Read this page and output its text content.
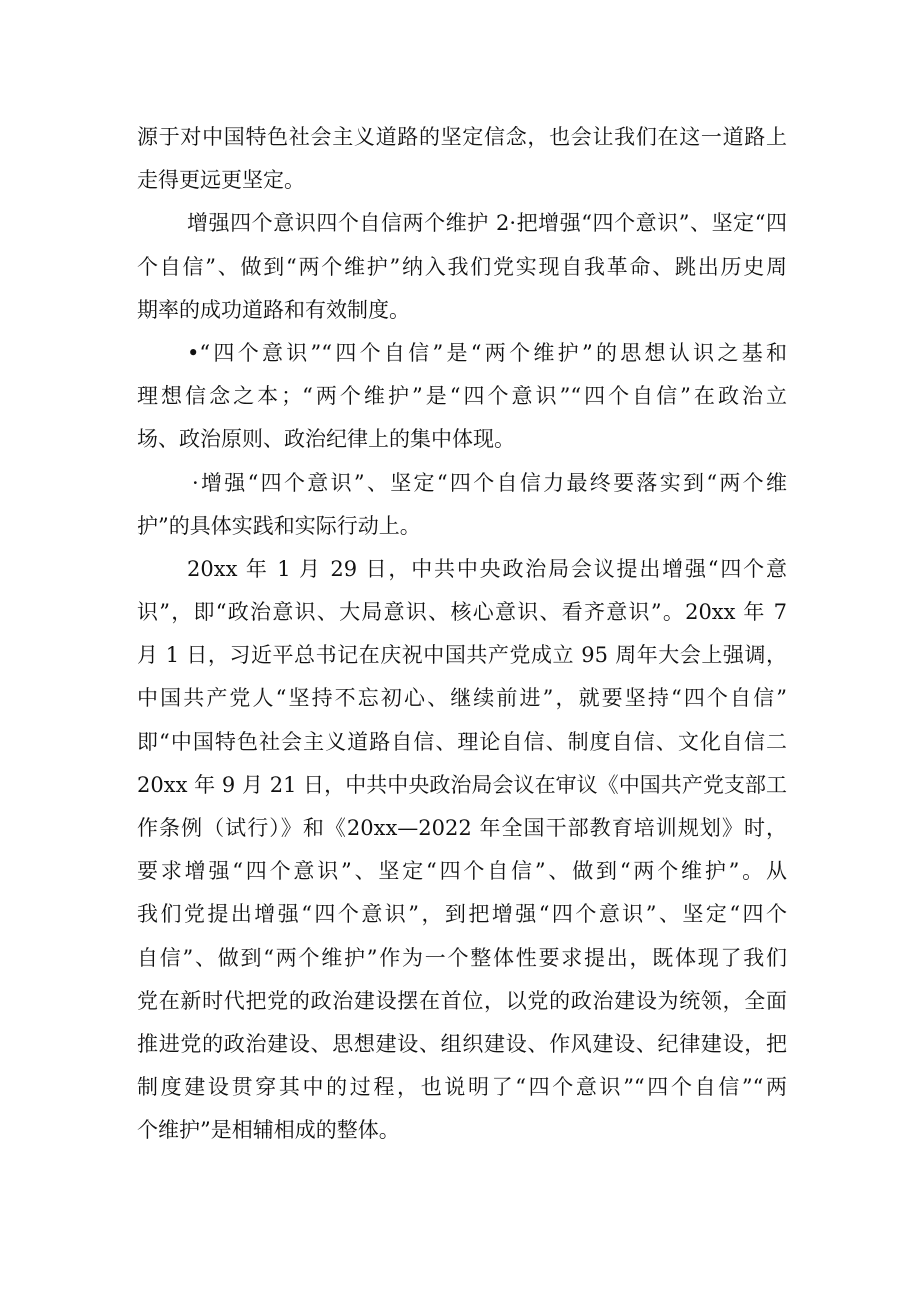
源于对中国特色社会主义道路的坚定信念，也会让我们在这一道路上
走得更远更坚定。
增强四个意识四个自信两个维护 2·把增强“四个意识”、坚定“四
个自信”、做到“两个维护”纳入我们党实现自我革命、跳出历史周
期率的成功道路和有效制度。
•“四个意识”“四个自信”是“两个维护”的思想认识之基和
理想信念之本；“两个维护”是“四个意识”“四个自信”在政治立
场、政治原则、政治纪律上的集中体现。
·增强“四个意识”、坚定“四个自信力最终要落实到“两个维
护”的具体实践和实际行动上。
20xx 年 1 月 29 日，中共中央政治局会议提出增强“四个意
识”，即“政治意识、大局意识、核心意识、看齐意识”。20xx 年 7
月 1 日，习近平总书记在庆祝中国共产党成立 95 周年大会上强调，
中国共产党人“坚持不忘初心、继续前进”，就要坚持“四个自信”
即“中国特色社会主义道路自信、理论自信、制度自信、文化自信二
20xx 年 9 月 21 日，中共中央政治局会议在审议《中国共产党支部工
作条例（试行）》和《20xx—2022 年全国干部教育培训规划》时，
要求增强“四个意识”、坚定“四个自信”、做到“两个维护”。从
我们党提出增强“四个意识”，到把增强“四个意识”、坚定“四个
自信”、做到“两个维护”作为一个整体性要求提出，既体现了我们
党在新时代把党的政治建设摆在首位，以党的政治建设为统领，全面
推进党的政治建设、思想建设、组织建设、作风建设、纪律建设，把
制度建设贯穿其中的过程，也说明了“四个意识”“四个自信”“两
个维护”是相辅相成的整体。
